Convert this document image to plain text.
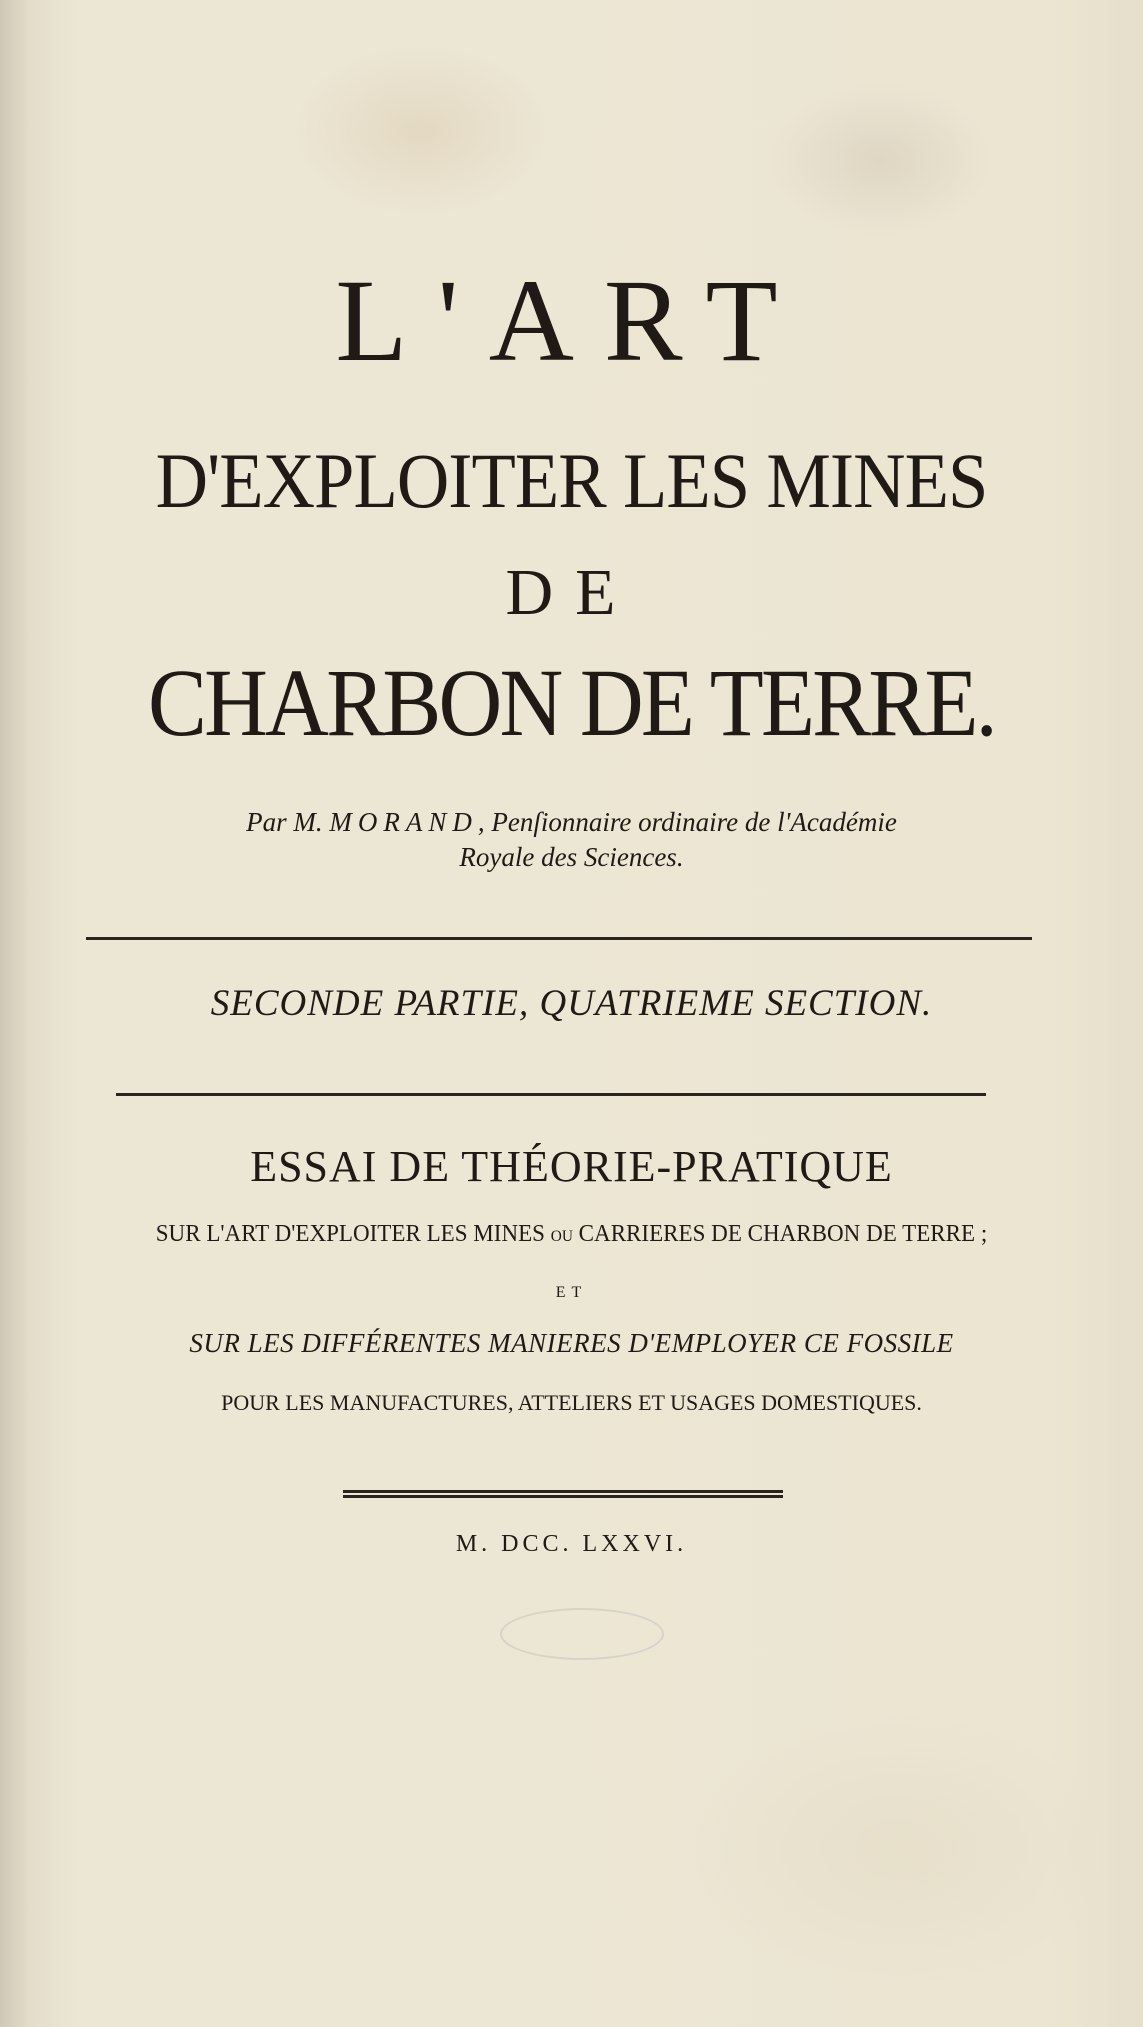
L'ART
D'EXPLOITER LES MINES
DE
CHARBON DE TERRE.
Par M. MORAND, Penſionnaire ordinaire de l'Académie
Royale des Sciences.
SECONDE PARTIE, QUATRIEME SECTION.
ESSAI DE THÉORIE-PRATIQUE
SUR L'ART D'EXPLOITER LES MINES OU CARRIERES DE CHARBON DE TERRE ;
ET
SUR LES DIFFÉRENTES MANIERES D'EMPLOYER CE FOSSILE
POUR LES MANUFACTURES, ATTELIERS ET USAGES DOMESTIQUES.
M. DCC. LXXVI.
